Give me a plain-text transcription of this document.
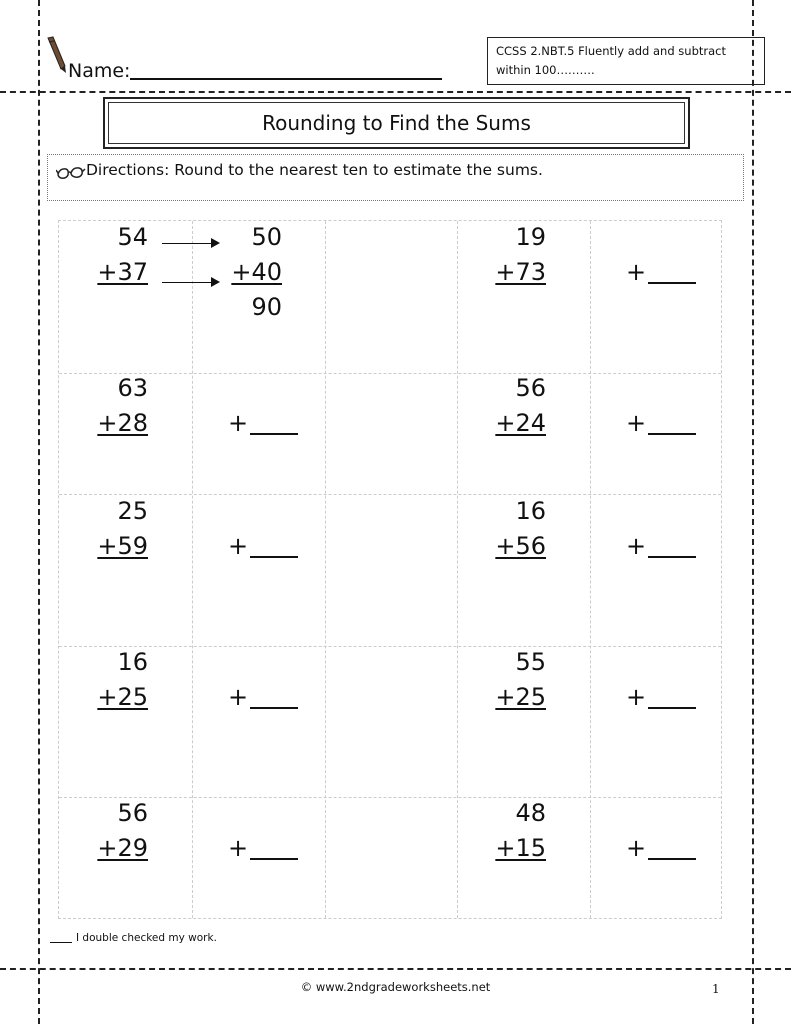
Name:
CCSS 2.NBT.5 Fluently add and subtract
within 100……….
Rounding to Find the Sums
Directions: Round to the nearest ten to estimate the sums.
54
+37
50
+40
90
19
+73	+
63
+28	+
56
+24	+
25
+59	+
16
+56	+
16
+25	+
55
+25	+
56
+29	+
48
+15	+
I double checked my work.
© www.2ndgradeworksheets.net	1
